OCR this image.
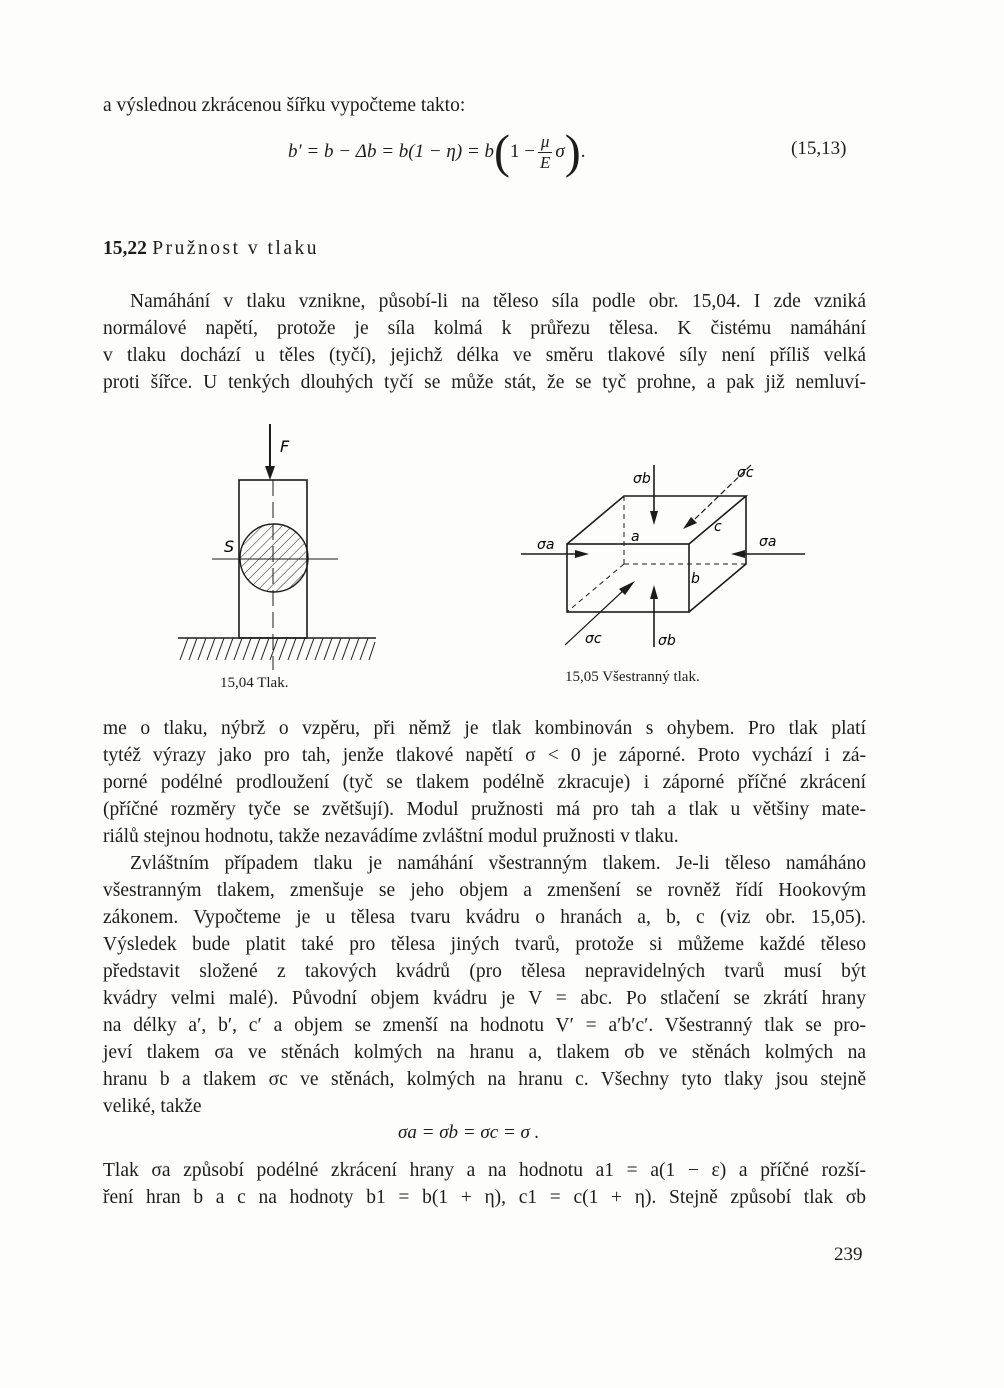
a výslednou zkrácenou šířku vypočteme takto:
$b' = b - \Delta b = b(1 - \eta) = b(1 - \frac{\mu}{E} \sigma)$.	(15,13)
15,22 Pružnost v tlaku
Namáhání v tlaku vznikne, působí-li na těleso síla podle obr. 15,04. I zde vzniká
normálové napětí, protože je síla kolmá k průřezu tělesa. K čistému namáhání
v tlaku dochází u těles (tyčí), jejichž délka ve směru tlakové síly není příliš velká
proti šířce. U tenkých dlouhých tyčí se může stát, že se tyč prohne, a pak již nemluví-
F
S
15,04 Tlak.
σb
σb
σa	σa
σc
σc
a
b
c
15,05 Všestranný tlak.
me o tlaku, nýbrž o vzpěru, při němž je tlak kombinován s ohybem. Pro tlak platí
tytéž výrazy jako pro tah, jenže tlakové napětí σ < 0 je záporné. Proto vychází i zá-
porné podélné prodloužení (tyč se tlakem podélně zkracuje) i záporné příčné zkrácení
(příčné rozměry tyče se zvětšují). Modul pružnosti má pro tah a tlak u většiny mate-
riálů stejnou hodnotu, takže nezavádíme zvláštní modul pružnosti v tlaku.
Zvláštním případem tlaku je namáhání všestranným tlakem. Je-li těleso namáháno
všestranným tlakem, zmenšuje se jeho objem a zmenšení se rovněž řídí Hookovým
zákonem. Vypočteme je u tělesa tvaru kvádru o hranách a, b, c (viz obr. 15,05).
Výsledek bude platit také pro tělesa jiných tvarů, protože si můžeme každé těleso
představit složené z takových kvádrů (pro tělesa nepravidelných tvarů musí být
kvádry velmi malé). Původní objem kvádru je V = abc. Po stlačení se zkrátí hrany
na délky a′, b′, c′ a objem se zmenší na hodnotu V′ = a′b′c′. Všestranný tlak se pro-
jeví tlakem σa ve stěnách kolmých na hranu a, tlakem σb ve stěnách kolmých na
hranu b a tlakem σc ve stěnách, kolmých na hranu c. Všechny tyto tlaky jsou stejně
veliké, takže
σa = σb = σc = σ .
Tlak σa způsobí podélné zkrácení hrany a na hodnotu a1 = a(1 − ε) a příčné rozší-
ření hran b a c na hodnoty b1 = b(1 + η), c1 = c(1 + η). Stejně způsobí tlak σb
239
